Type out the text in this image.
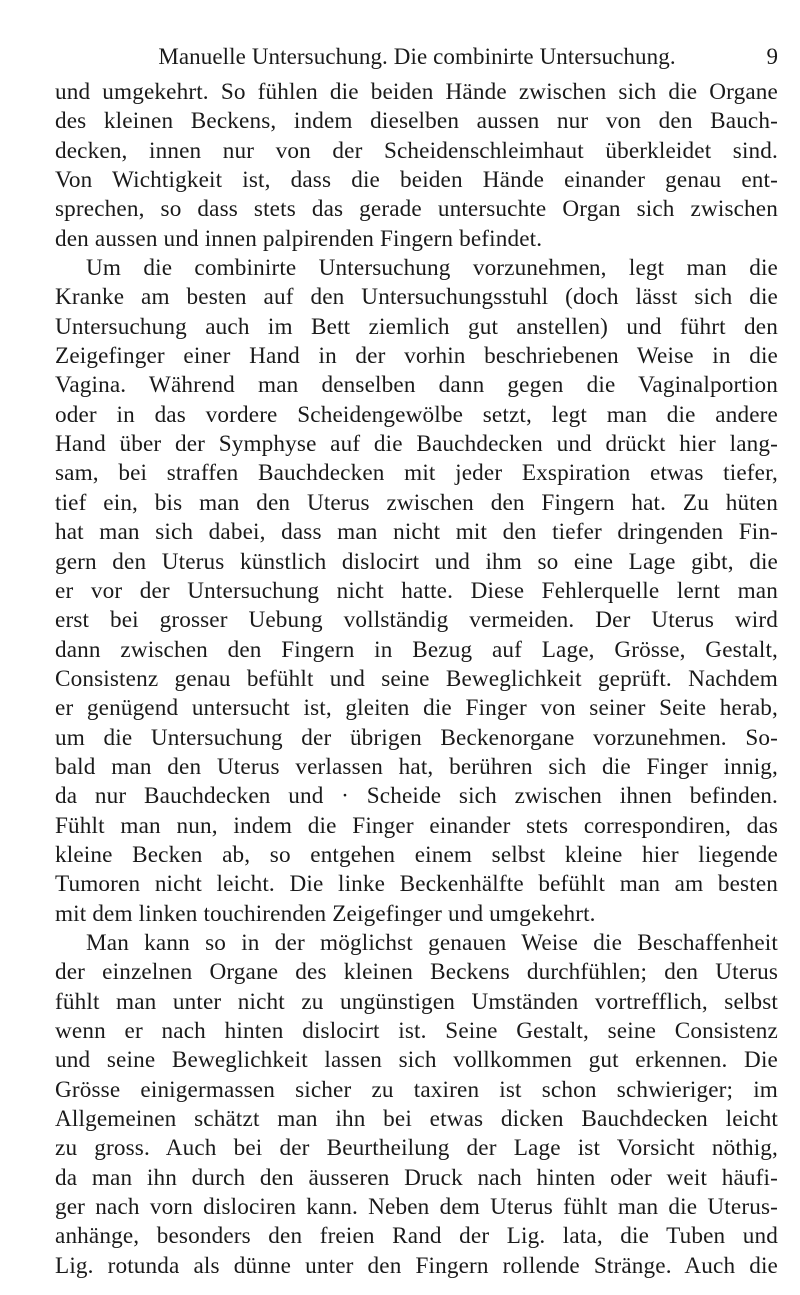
Manuelle Untersuchung. Die combinirte Untersuchung.	9
und umgekehrt. So fühlen die beiden Hände zwischen sich die Organe
des kleinen Beckens, indem dieselben aussen nur von den Bauch-
decken, innen nur von der Scheidenschleimhaut überkleidet sind.
Von Wichtigkeit ist, dass die beiden Hände einander genau ent-
sprechen, so dass stets das gerade untersuchte Organ sich zwischen
den aussen und innen palpirenden Fingern befindet.
Um die combinirte Untersuchung vorzunehmen, legt man die
Kranke am besten auf den Untersuchungsstuhl (doch lässt sich die
Untersuchung auch im Bett ziemlich gut anstellen) und führt den
Zeigefinger einer Hand in der vorhin beschriebenen Weise in die
Vagina. Während man denselben dann gegen die Vaginalportion
oder in das vordere Scheidengewölbe setzt, legt man die andere
Hand über der Symphyse auf die Bauchdecken und drückt hier lang-
sam, bei straffen Bauchdecken mit jeder Exspiration etwas tiefer,
tief ein, bis man den Uterus zwischen den Fingern hat. Zu hüten
hat man sich dabei, dass man nicht mit den tiefer dringenden Fin-
gern den Uterus künstlich dislocirt und ihm so eine Lage gibt, die
er vor der Untersuchung nicht hatte. Diese Fehlerquelle lernt man
erst bei grosser Uebung vollständig vermeiden. Der Uterus wird
dann zwischen den Fingern in Bezug auf Lage, Grösse, Gestalt,
Consistenz genau befühlt und seine Beweglichkeit geprüft. Nachdem
er genügend untersucht ist, gleiten die Finger von seiner Seite herab,
um die Untersuchung der übrigen Beckenorgane vorzunehmen. So-
bald man den Uterus verlassen hat, berühren sich die Finger innig,
da nur Bauchdecken und · Scheide sich zwischen ihnen befinden.
Fühlt man nun, indem die Finger einander stets correspondiren, das
kleine Becken ab, so entgehen einem selbst kleine hier liegende
Tumoren nicht leicht. Die linke Beckenhälfte befühlt man am besten
mit dem linken touchirenden Zeigefinger und umgekehrt.
Man kann so in der möglichst genauen Weise die Beschaffenheit
der einzelnen Organe des kleinen Beckens durchfühlen; den Uterus
fühlt man unter nicht zu ungünstigen Umständen vortrefflich, selbst
wenn er nach hinten dislocirt ist. Seine Gestalt, seine Consistenz
und seine Beweglichkeit lassen sich vollkommen gut erkennen. Die
Grösse einigermassen sicher zu taxiren ist schon schwieriger; im
Allgemeinen schätzt man ihn bei etwas dicken Bauchdecken leicht
zu gross. Auch bei der Beurtheilung der Lage ist Vorsicht nöthig,
da man ihn durch den äusseren Druck nach hinten oder weit häufi-
ger nach vorn dislociren kann. Neben dem Uterus fühlt man die Uterus-
anhänge, besonders den freien Rand der Lig. lata, die Tuben und
Lig. rotunda als dünne unter den Fingern rollende Stränge. Auch die
